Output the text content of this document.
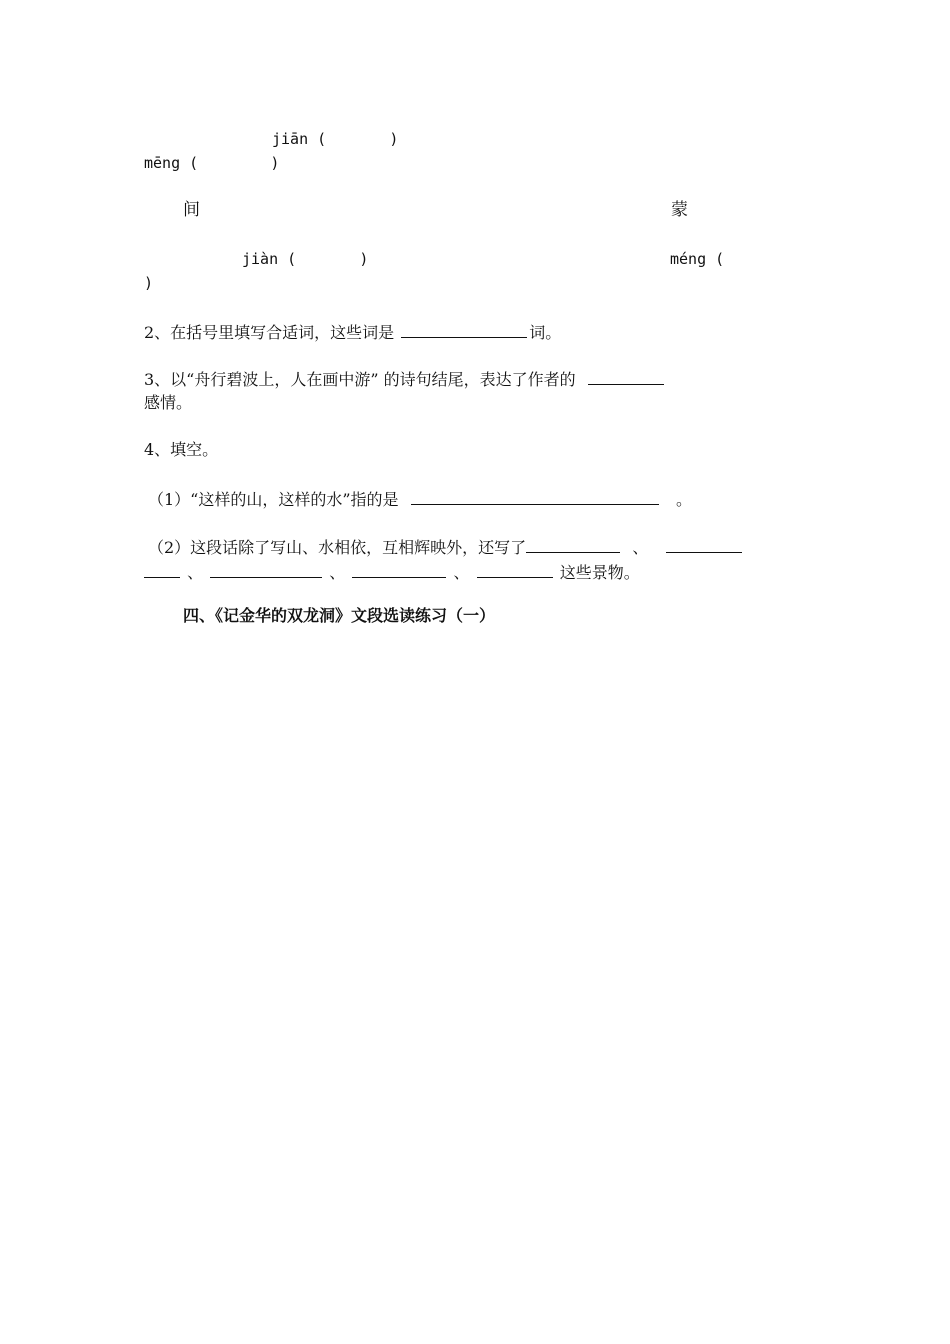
jiān (       )
mēng (        )
间	蒙
jiàn (       )	méng (
)
2、在括号里填写合适词，这些词是	词。
3、以“舟行碧波上，人在画中游” 的诗句结尾，表达了作者的
感情。
4、填空。
（1）“这样的山，这样的水”指的是	。
（2）这段话除了写山、水相依，互相辉映外，还写了	、
、	、	、	这些景物。
四、《记金华的双龙洞》文段选读练习（一）
